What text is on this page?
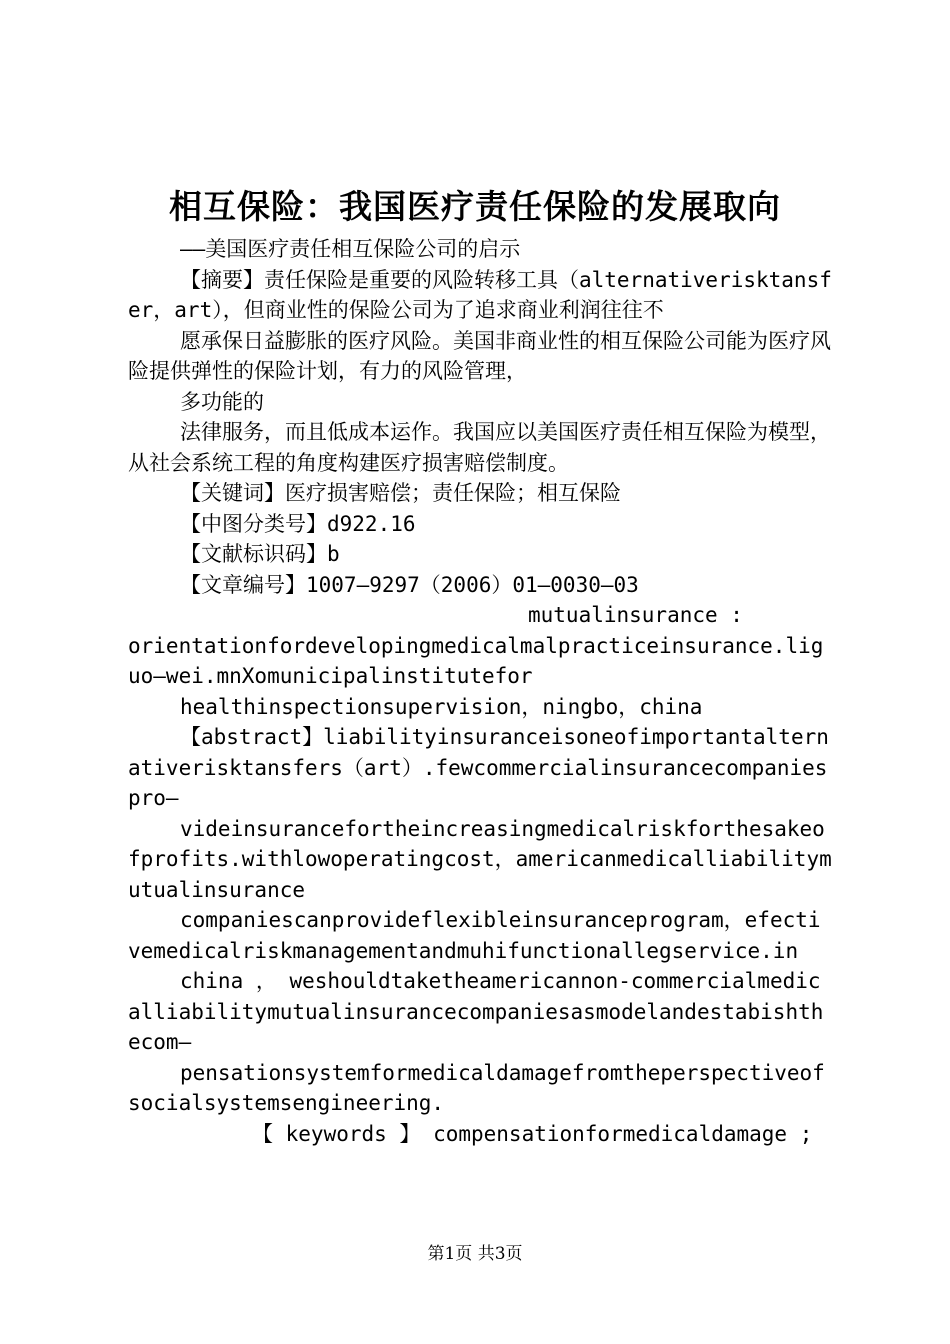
相互保险：我国医疗责任保险的发展取向

——美国医疗责任相互保险公司的启示

【摘要】责任保险是重要的风险转移工具（alternativerisktansfer，art），但商业性的保险公司为了追求商业利润往往不

愿承保日益膨胀的医疗风险。美国非商业性的相互保险公司能为医疗风险提供弹性的保险计划，有力的风险管理，

多功能的

法律服务，而且低成本运作。我国应以美国医疗责任相互保险为模型，从社会系统工程的角度构建医疗损害赔偿制度。

【关键词】医疗损害赔偿；责任保险；相互保险

【中图分类号】d922.16

【文献标识码】b

【文章编号】1007—9297（2006）01—0030—03

mutualinsurance :

orientationfordevelopingmedicalmalpracticeinsurance.liguo—wei.mnXomunicipalinstitutefor

healthinspectionsupervision，ningbo，china

【abstract】liabilityinsuranceisoneofimportantalternativerisktansfers（art）.fewcommercialinsurancecompanies

pro—

videinsurancefortheincreasingmedicalriskforthesakeofprofits.withlowoperatingcost，americanmedicalliabilitymutualinsurance

companiescanprovideflexibleinsuranceprogram，efectivemedicalriskmanagementandmuhifunctionallegservice.in

china ， weshouldtaketheamericannon-commercialmedicalliabilitymutualinsurancecompaniesasmodelandestabishthecom—

pensationsystemformedicaldamagefromtheperspectiveofsocialsystemsengineering.

【 keywords 】 compensationformedicaldamage ;

第1页 共3页
